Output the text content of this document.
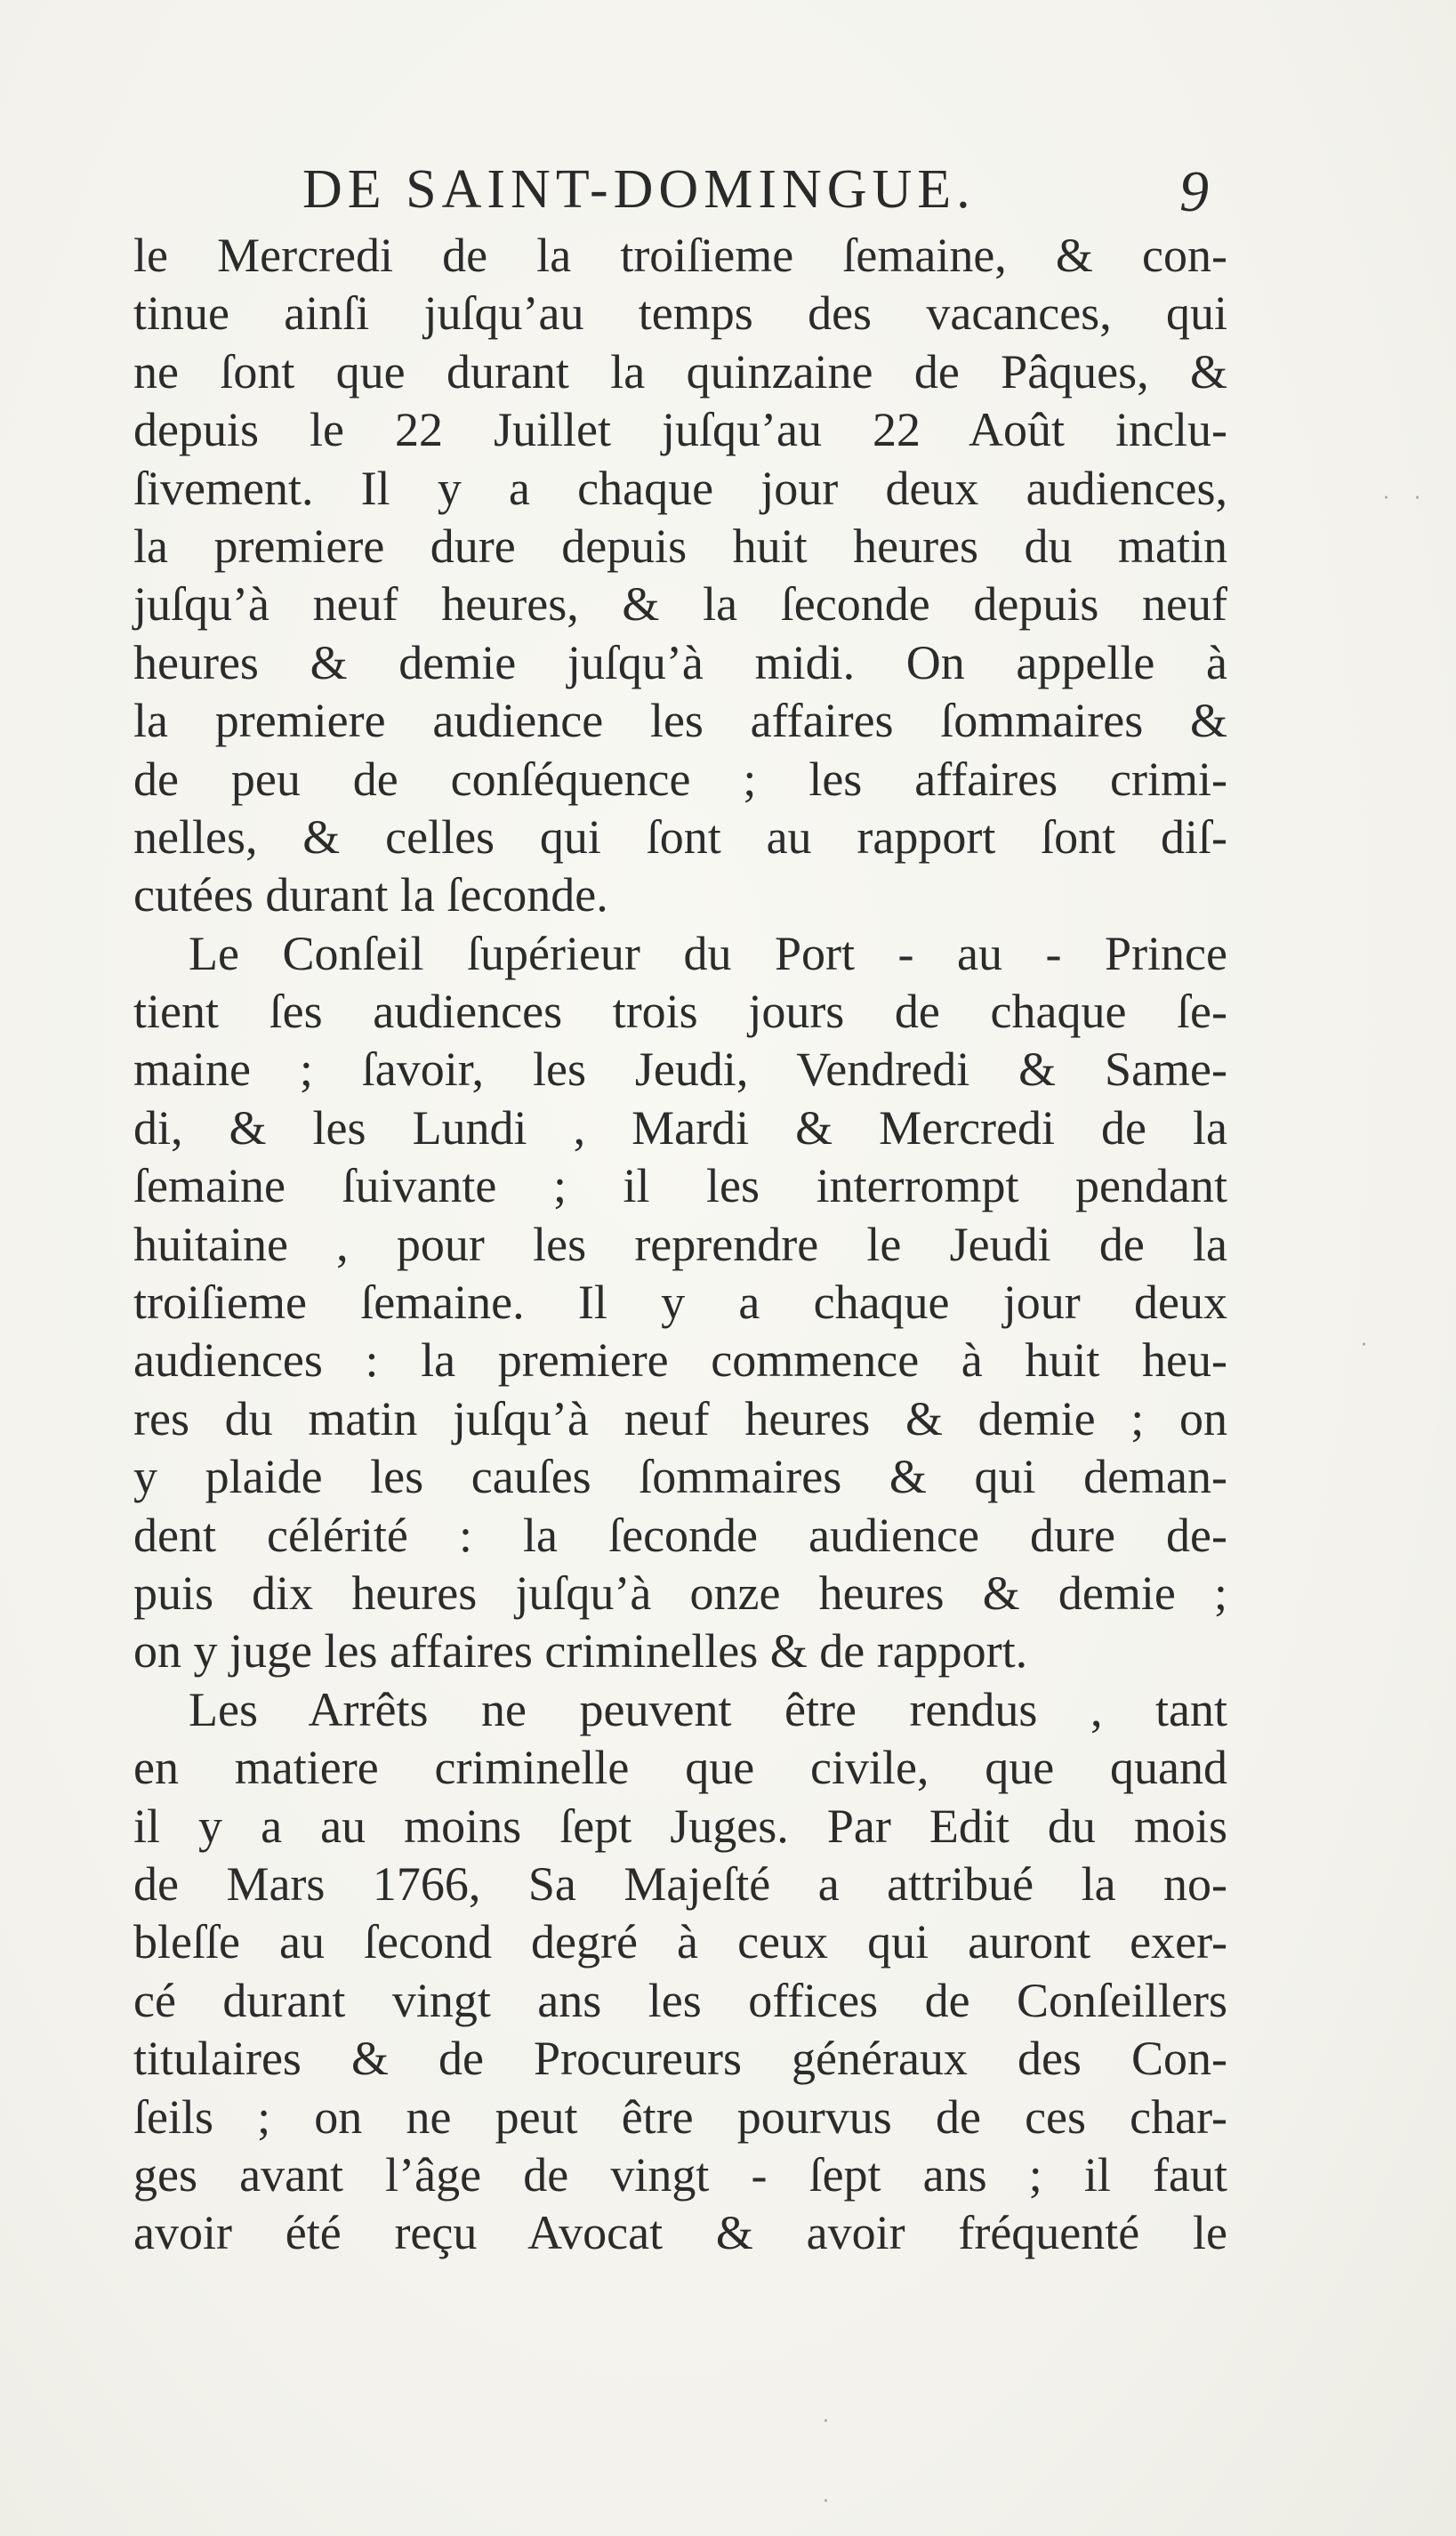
DE SAINT-DOMINGUE.	9
le Mercredi de la troiſieme ſemaine, & con-
tinue ainſi juſqu’au temps des vacances, qui
ne ſont que durant la quinzaine de Pâques, &
depuis le 22 Juillet juſqu’au 22 Août inclu-
ſivement. Il y a chaque jour deux audiences,
la premiere dure depuis huit heures du matin
juſqu’à neuf heures, & la ſeconde depuis neuf
heures & demie juſqu’à midi. On appelle à
la premiere audience les affaires ſommaires &
de peu de conſéquence ; les affaires crimi-
nelles, & celles qui ſont au rapport ſont diſ-
cutées durant la ſeconde.
Le Conſeil ſupérieur du Port - au - Prince
tient ſes audiences trois jours de chaque ſe-
maine ; ſavoir, les Jeudi, Vendredi & Same-
di, & les Lundi , Mardi & Mercredi de la
ſemaine ſuivante ; il les interrompt pendant
huitaine , pour les reprendre le Jeudi de la
troiſieme ſemaine. Il y a chaque jour deux
audiences : la premiere commence à huit heu-
res du matin juſqu’à neuf heures & demie ; on
y plaide les cauſes ſommaires & qui deman-
dent célérité : la ſeconde audience dure de-
puis dix heures juſqu’à onze heures & demie ;
on y juge les affaires criminelles & de rapport.
Les Arrêts ne peuvent être rendus , tant
en matiere criminelle que civile, que quand
il y a au moins ſept Juges. Par Edit du mois
de Mars 1766, Sa Majeſté a attribué la no-
bleſſe au ſecond degré à ceux qui auront exer-
cé durant vingt ans les offices de Conſeillers
titulaires & de Procureurs généraux des Con-
ſeils ; on ne peut être pourvus de ces char-
ges avant l’âge de vingt - ſept ans ; il faut
avoir été reçu Avocat & avoir fréquenté le
· ·
·
·
·
